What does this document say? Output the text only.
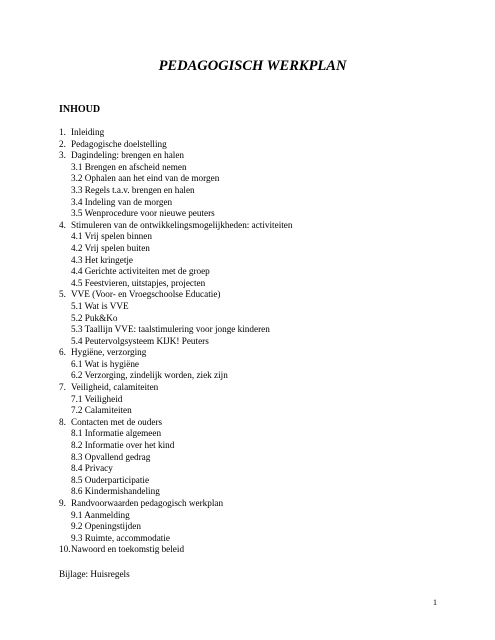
PEDAGOGISCH WERKPLAN
INHOUD
1. Inleiding
2. Pedagogische doelstelling
3. Dagindeling: brengen en halen
3.1 Brengen en afscheid nemen
3.2 Ophalen aan het eind van de morgen
3.3 Regels t.a.v. brengen en halen
3.4 Indeling van de morgen
3.5 Wenprocedure voor nieuwe peuters
4. Stimuleren van de ontwikkelingsmogelijkheden: activiteiten
4.1 Vrij spelen binnen
4.2 Vrij spelen buiten
4.3 Het kringetje
4.4 Gerichte activiteiten met de groep
4.5 Feestvieren, uitstapjes, projecten
5. VVE (Voor- en Vroegschoolse Educatie)
5.1 Wat is VVE
5.2 Puk&Ko
5.3 Taallijn VVE: taalstimulering voor jonge kinderen
5.4 Peutervolgsysteem KIJK! Peuters
6. Hygiëne, verzorging
6.1 Wat is hygiëne
6.2 Verzorging, zindelijk worden, ziek zijn
7. Veiligheid, calamiteiten
7.1 Veiligheid
7.2 Calamiteiten
8. Contacten met de ouders
8.1 Informatie algemeen
8.2 Informatie over het kind
8.3 Opvallend gedrag
8.4 Privacy
8.5 Ouderparticipatie
8.6 Kindermishandeling
9. Randvoorwaarden pedagogisch werkplan
9.1 Aanmelding
9.2 Openingstijden
9.3 Ruimte, accommodatie
10.Nawoord en toekomstig beleid
Bijlage: Huisregels
1
